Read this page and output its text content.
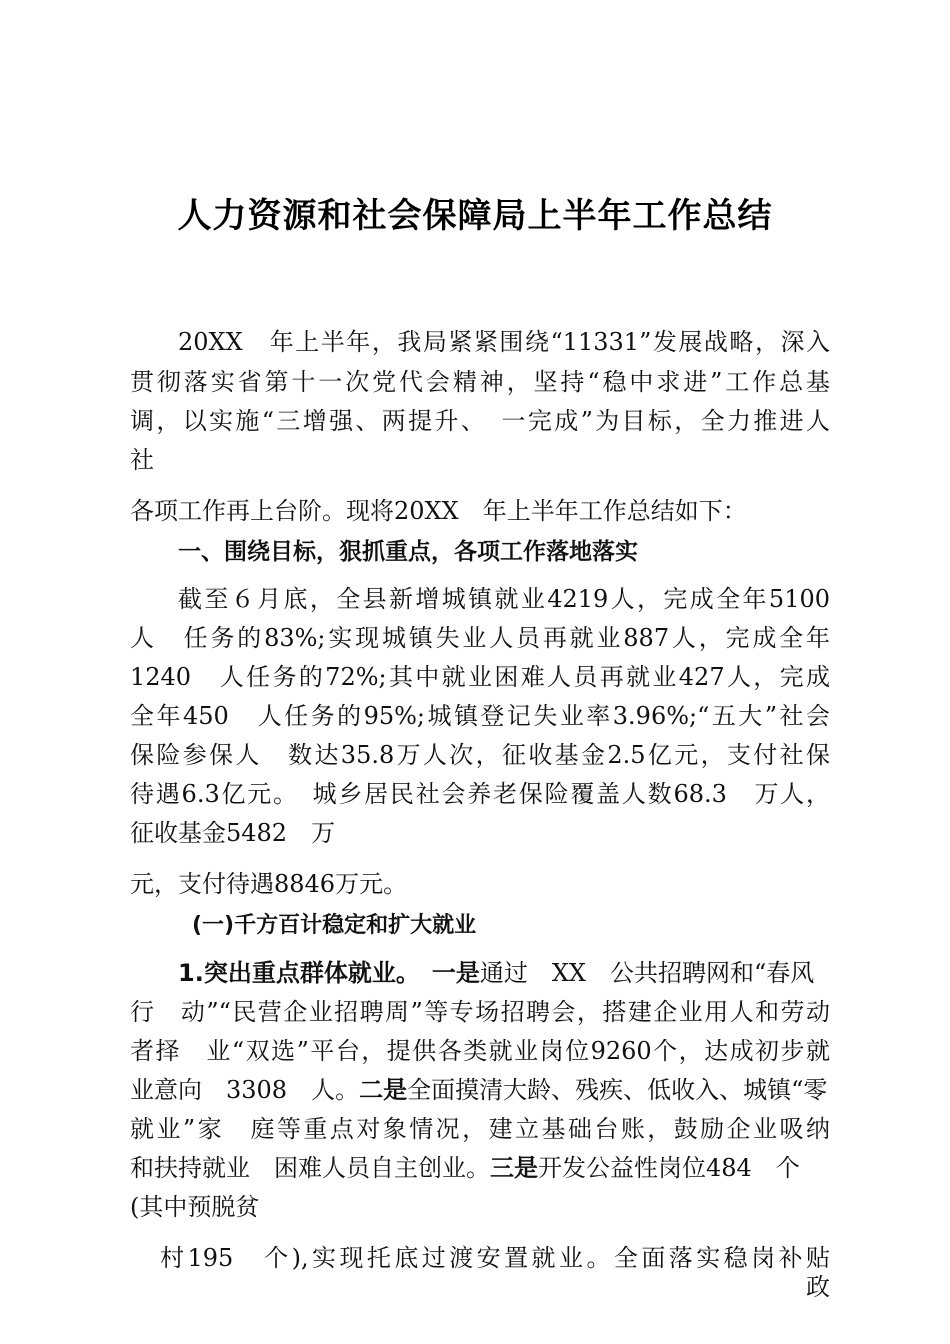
人力资源和社会保障局上半年工作总结
20XX　年上半年，我局紧紧围绕“11331”发展战略，深入
贯彻落实省第十一次党代会精神，坚持“稳中求进”工作总基
调，以实施“三增强、两提升、　一完成”为目标，全力推进人
社
各项工作再上台阶。现将20XX　年上半年工作总结如下：
一、围绕目标，狠抓重点，各项工作落地落实
截至６月底，全县新增城镇就业4219人，完成全年5100
人　任务的83%;实现城镇失业人员再就业887人，完成全年
1240　人任务的72%;其中就业困难人员再就业427人，完成
全年450　人任务的95%;城镇登记失业率3.96%;“五大”社会
保险参保人　数达35.8万人次，征收基金2.5亿元，支付社保
待遇6.3亿元。　城乡居民社会养老保险覆盖人数68.3　万人，
征收基金5482　万
元，支付待遇8846万元。
(一)千方百计稳定和扩大就业
1.突出重点群体就业。　 一是通过　XX　公共招聘网和“春风
行　动”“民营企业招聘周”等专场招聘会，搭建企业用人和劳动
者择　业“双选”平台，提供各类就业岗位9260个，达成初步就
业意向　3308　人。二是全面摸清大龄、残疾、低收入、城镇“零
就业”家　庭等重点对象情况，建立基础台账，鼓励企业吸纳
和扶持就业　困难人员自主创业。三是开发公益性岗位484　个
(其中预脱贫
村195　个),实现托底过渡安置就业。全面落实稳岗补贴
政
